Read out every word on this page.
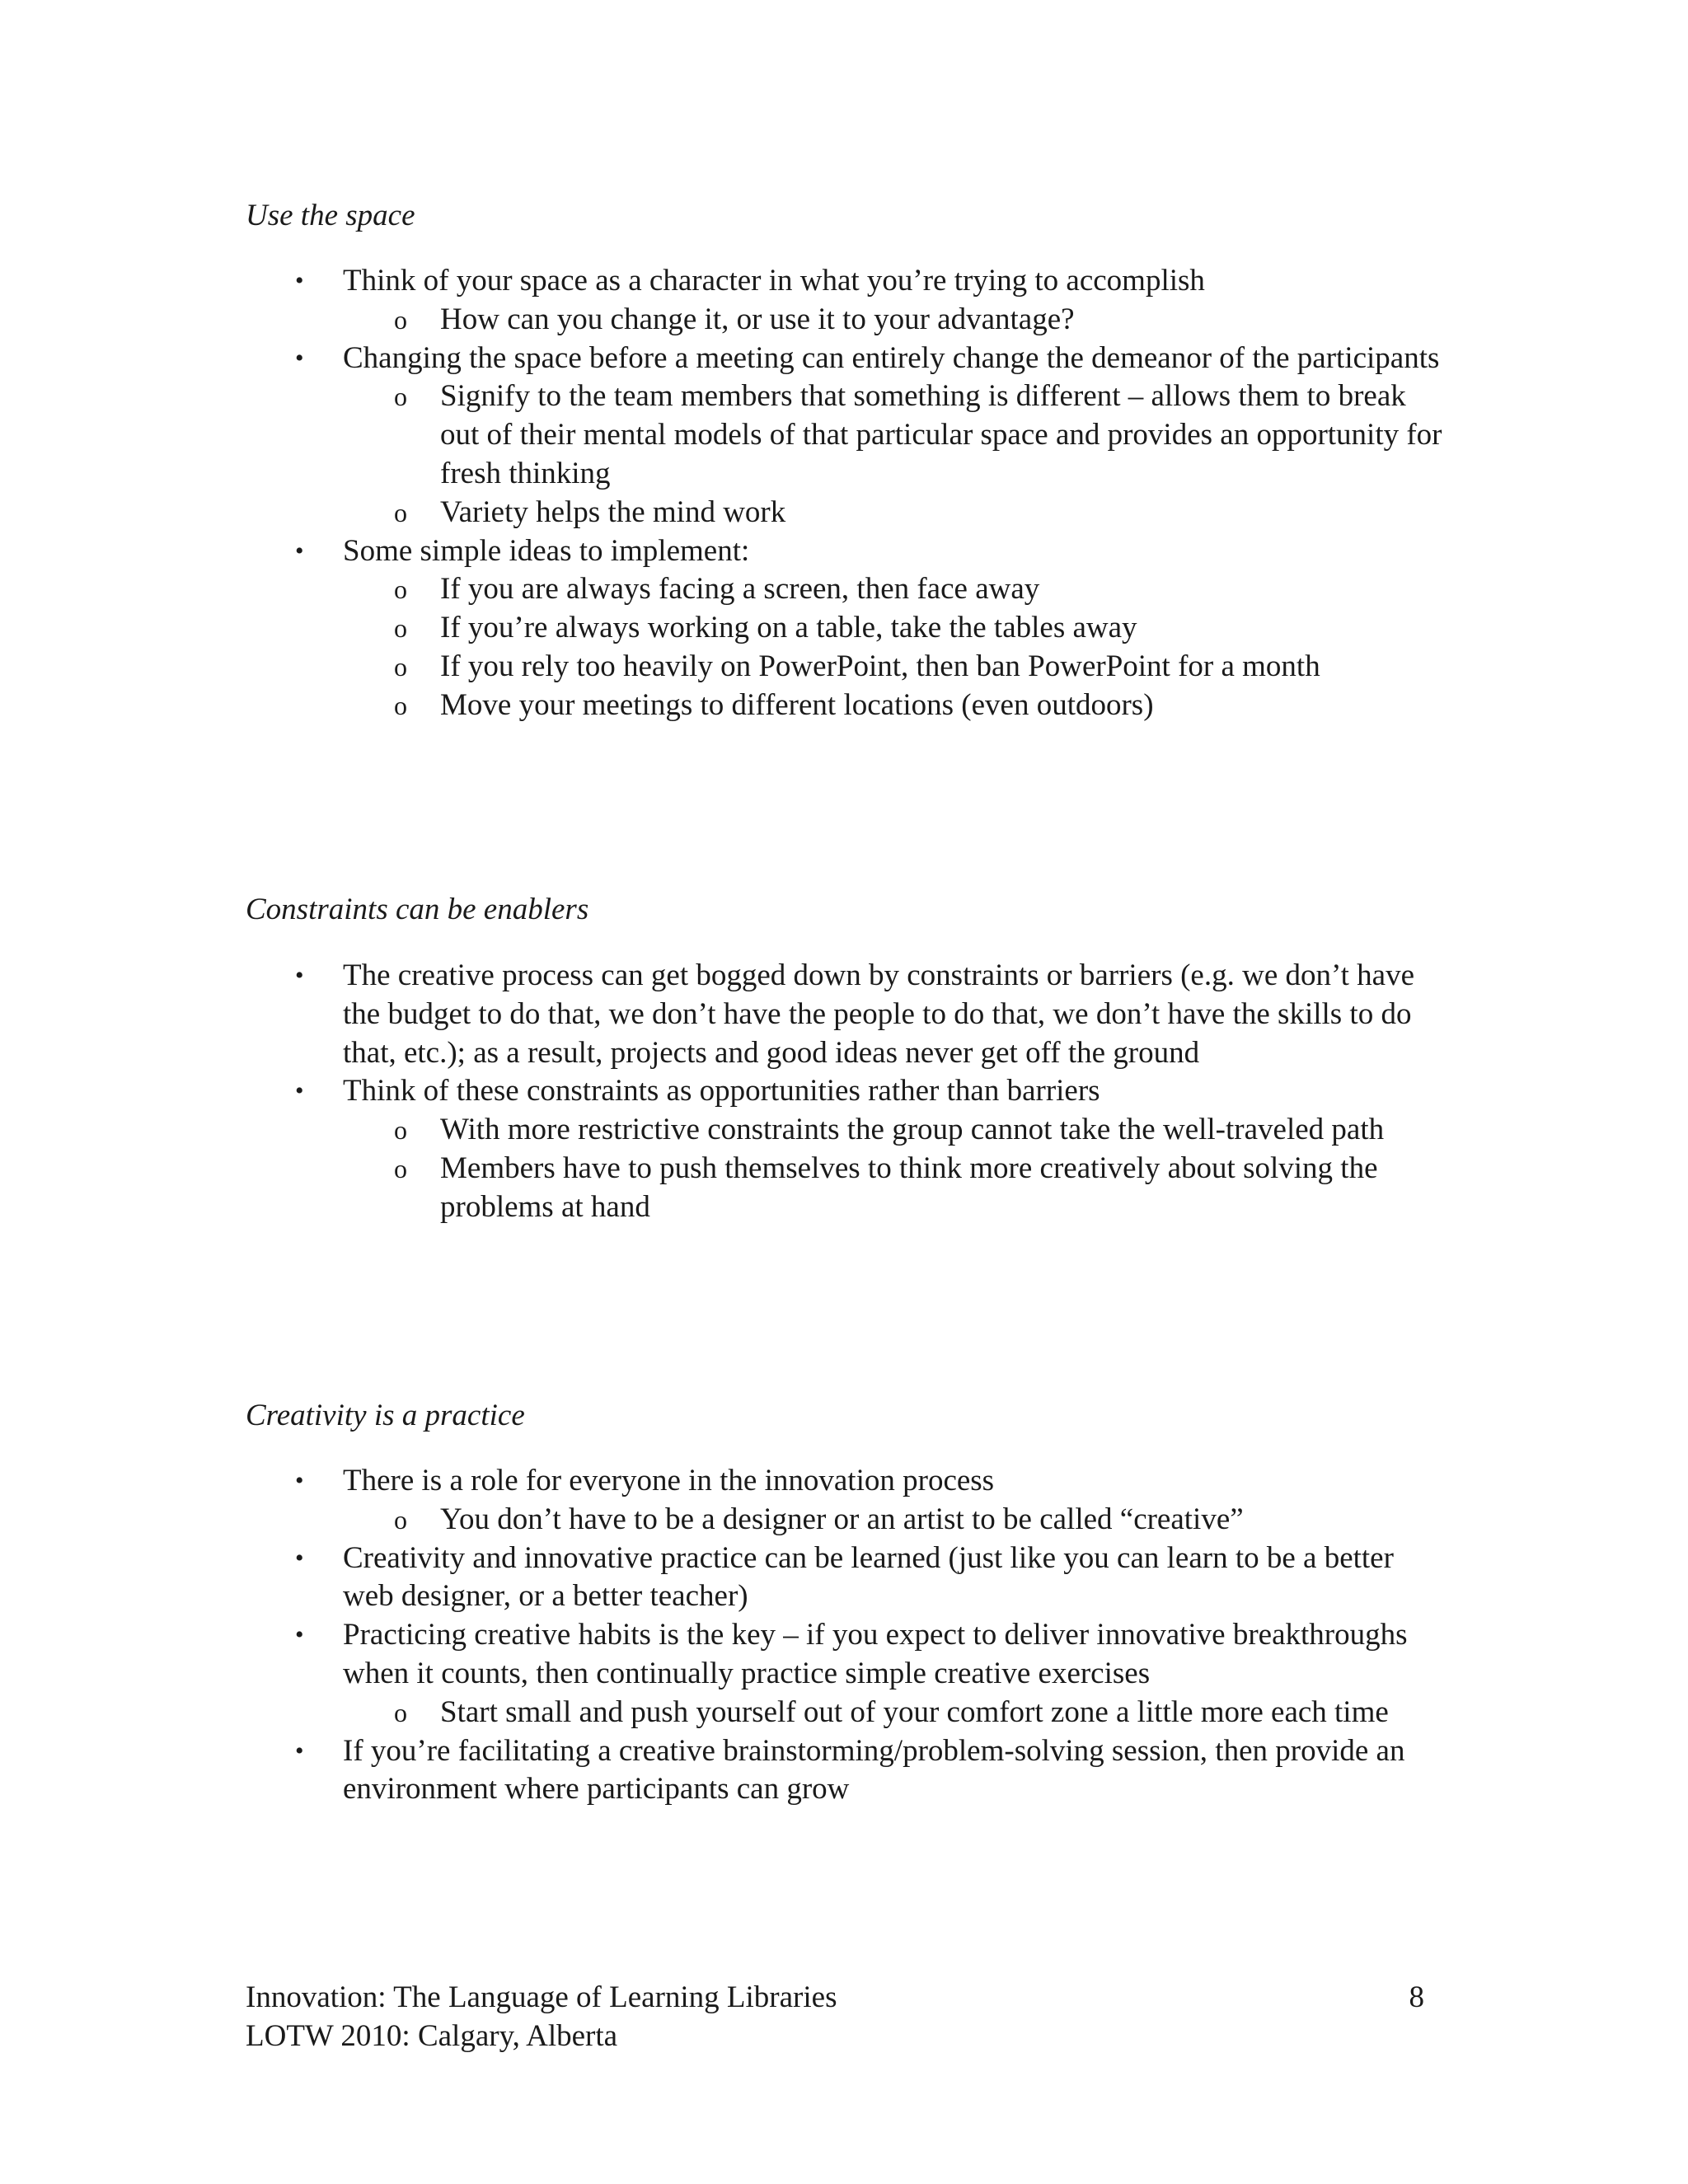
Use the space
• Think of your space as a character in what you’re trying to accomplish
o How can you change it, or use it to your advantage?
• Changing the space before a meeting can entirely change the demeanor of the participants
o Signify to the team members that something is different – allows them to break out of their mental models of that particular space and provides an opportunity for fresh thinking
o Variety helps the mind work
• Some simple ideas to implement:
o If you are always facing a screen, then face away
o If you’re always working on a table, take the tables away
o If you rely too heavily on PowerPoint, then ban PowerPoint for a month
o Move your meetings to different locations (even outdoors)
Constraints can be enablers
• The creative process can get bogged down by constraints or barriers (e.g. we don’t have the budget to do that, we don’t have the people to do that, we don’t have the skills to do that, etc.); as a result, projects and good ideas never get off the ground
• Think of these constraints as opportunities rather than barriers
o With more restrictive constraints the group cannot take the well-traveled path
o Members have to push themselves to think more creatively about solving the problems at hand
Creativity is a practice
• There is a role for everyone in the innovation process
o You don’t have to be a designer or an artist to be called “creative”
• Creativity and innovative practice can be learned (just like you can learn to be a better web designer, or a better teacher)
• Practicing creative habits is the key – if you expect to deliver innovative breakthroughs when it counts, then continually practice simple creative exercises
o Start small and push yourself out of your comfort zone a little more each time
• If you’re facilitating a creative brainstorming/problem-solving session, then provide an environment where participants can grow
Innovation: The Language of Learning Libraries
LOTW 2010: Calgary, Alberta
8
